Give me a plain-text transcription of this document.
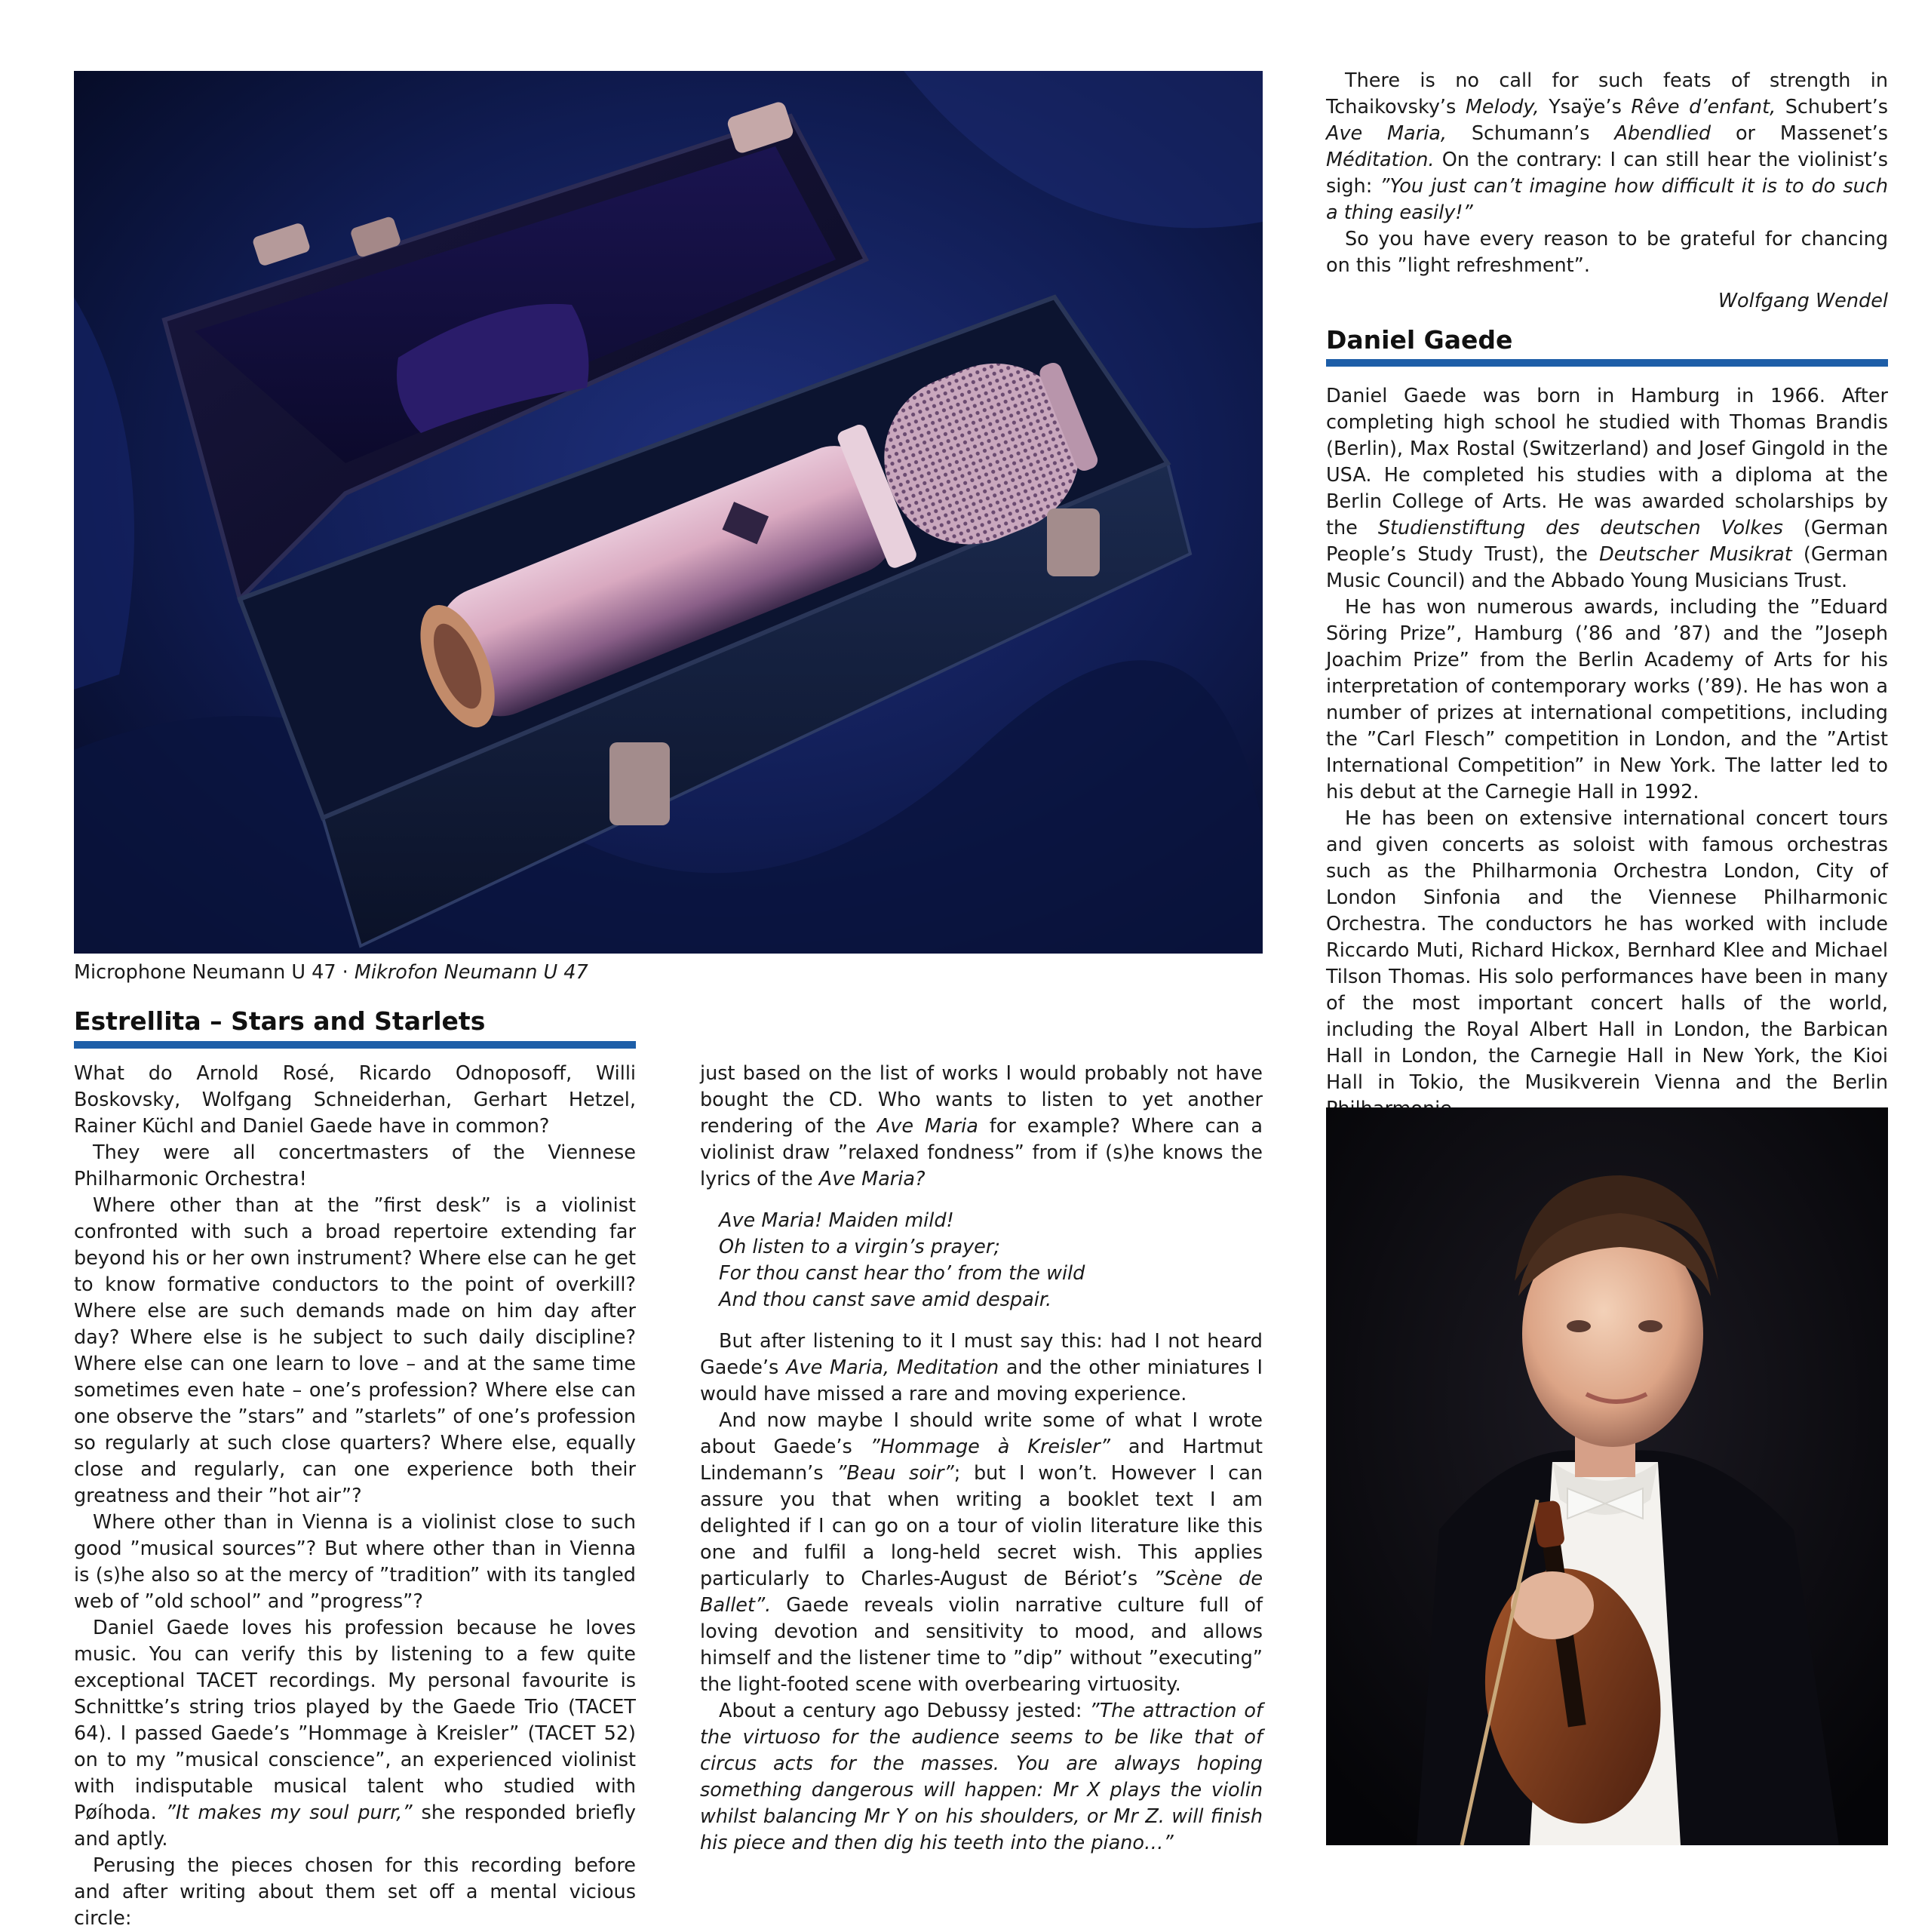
Microphone Neumann U 47 · Mikrofon Neumann U 47
Estrellita – Stars and Starlets

What do Arnold Rosé, Ricardo Odnoposoff, Willi Boskovsky, Wolfgang Schneiderhan, Gerhart Hetzel, Rainer Küchl and Daniel Gaede have in common?

They were all concertmasters of the Viennese Philharmonic Orchestra!

Where other than at the ”first desk” is a violinist confronted with such a broad repertoire extending far beyond his or her own instrument? Where else can he get to know formative conductors to the point of overkill? Where else are such demands made on him day after day? Where else is he subject to such daily discipline? Where else can one learn to love – and at the same time sometimes even hate – one’s profession? Where else can one observe the ”stars” and ”starlets” of one’s profession so regularly at such close quarters? Where else, equally close and regularly, can one experience both their greatness and their ”hot air”?

Where other than in Vienna is a violinist close to such good ”musical sources”? But where other than in Vienna is (s)he also so at the mercy of ”tradition” with its tangled web of ”old school” and ”progress”?

Daniel Gaede loves his profession because he loves music. You can verify this by listening to a few quite exceptional TACET recordings. My personal favourite is Schnittke’s string trios played by the Gaede Trio (TACET 64). I passed Gaede’s ”Hommage à Kreisler” (TACET 52) on to my ”musical conscience”, an experienced violinist with indisputable musical talent who studied with Pøíhoda. ”It makes my soul purr,” she responded briefly and aptly.

Perusing the pieces chosen for this recording before and after writing about them set off a mental vicious circle:

just based on the list of works I would probably not have bought the CD. Who wants to listen to yet another rendering of the Ave Maria for example? Where can a violinist draw ”relaxed fondness” from if (s)he knows the lyrics of the Ave Maria?

Ave Maria! Maiden mild!
Oh listen to a virgin’s prayer;
For thou canst hear tho’ from the wild
And thou canst save amid despair.

But after listening to it I must say this: had I not heard Gaede’s Ave Maria, Meditation and the other miniatures I would have missed a rare and moving experience.

And now maybe I should write some of what I wrote about Gaede’s ”Hommage à Kreisler” and Hartmut Lindemann’s ”Beau soir”; but I won’t. However I can assure you that when writing a booklet text I am delighted if I can go on a tour of violin literature like this one and fulfil a long-held secret wish. This applies particularly to Charles-August de Bériot’s ”Scène de Ballet”. Gaede reveals violin narrative culture full of loving devotion and sensitivity to mood, and allows himself and the listener time to ”dip” without ”executing” the light-footed scene with overbearing virtuosity.

About a century ago Debussy jested: ”The attraction of the virtuoso for the audience seems to be like that of circus acts for the masses. You are always hoping something dangerous will happen: Mr X plays the violin whilst balancing Mr Y on his shoulders, or Mr Z. will finish his piece and then dig his teeth into the piano…”

There is no call for such feats of strength in Tchaikovsky’s Melody, Ysaÿe’s Rêve d’enfant, Schubert’s Ave Maria, Schumann’s Abendlied or Massenet’s Méditation. On the contrary: I can still hear the violinist’s sigh: ”You just can’t imagine how difficult it is to do such a thing easily!”

So you have every reason to be grateful for chancing on this ”light refreshment”.

Wolfgang Wendel

Daniel Gaede

Daniel Gaede was born in Hamburg in 1966. After completing high school he studied with Thomas Brandis (Berlin), Max Rostal (Switzerland) and Josef Gingold in the USA. He completed his studies with a diploma at the Berlin College of Arts. He was awarded scholarships by the Studienstiftung des deutschen Volkes (German People’s Study Trust), the Deutscher Musikrat (German Music Council) and the Abbado Young Musicians Trust.

He has won numerous awards, including the ”Eduard Söring Prize”, Hamburg (’86 and ’87) and the ”Joseph Joachim Prize” from the Berlin Academy of Arts for his interpretation of contemporary works (’89). He has won a number of prizes at international competitions, including the ”Carl Flesch” competition in London, and the ”Artist International Competition” in New York. The latter led to his debut at the Carnegie Hall in 1992.

He has been on extensive international concert tours and given concerts as soloist with famous orchestras such as the Philharmonia Orchestra London, City of London Sinfonia and the Viennese Philharmonic Orchestra. The conductors he has worked with include Riccardo Muti, Richard Hickox, Bernhard Klee and Michael Tilson Thomas. His solo performances have been in many of the most important concert halls of the world, including the Royal Albert Hall in London, the Barbican Hall in London, the Carnegie Hall in New York, the Kioi Hall in Tokio, the Musikverein Vienna and the Berlin
